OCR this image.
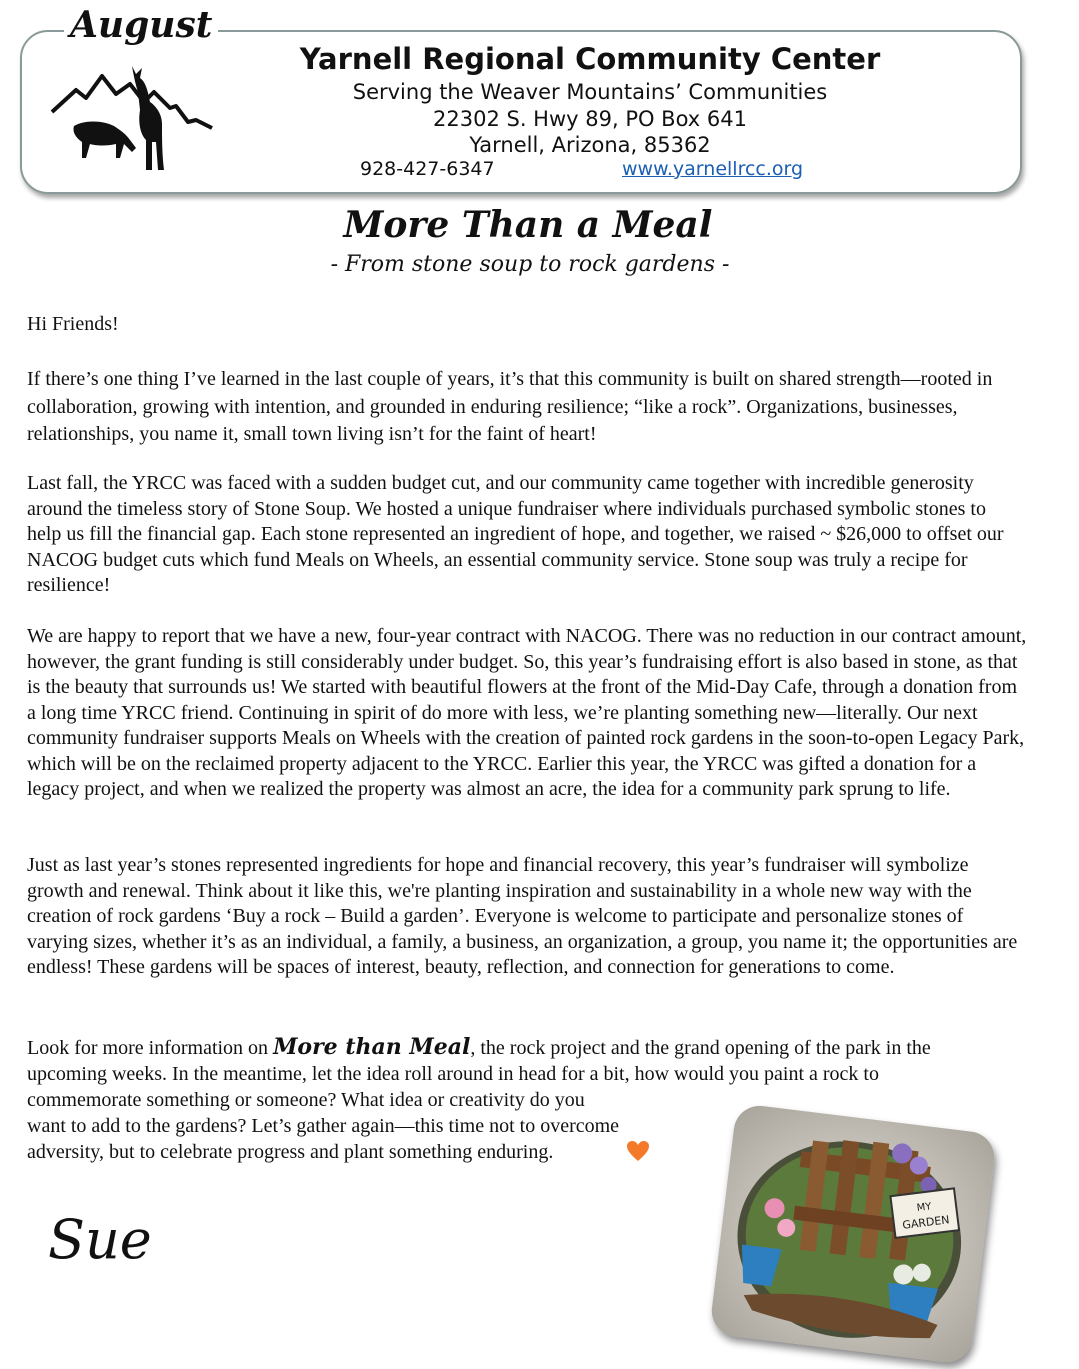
August
Yarnell Regional Community Center
Serving the Weaver Mountains’ Communities
22302 S. Hwy 89, PO Box 641
Yarnell, Arizona, 85362
928-427-6347	www.yarnellrcc.org
More Than a Meal
- From stone soup to rock gardens -

Hi Friends!

If there’s one thing I’ve learned in the last couple of years, it’s that this community is built on shared strength—rooted in collaboration, growing with intention, and grounded in enduring resilience; “like a rock”. Organizations, businesses, relationships, you name it, small town living isn’t for the faint of heart!

Last fall, the YRCC was faced with a sudden budget cut, and our community came together with incredible generosity around the timeless story of Stone Soup. We hosted a unique fundraiser where individuals purchased symbolic stones to help us fill the financial gap. Each stone represented an ingredient of hope, and together, we raised ~ $26,000 to offset our NACOG budget cuts which fund Meals on Wheels, an essential community service. Stone soup was truly a recipe for resilience!

We are happy to report that we have a new, four-year contract with NACOG. There was no reduction in our contract amount, however, the grant funding is still considerably under budget. So, this year’s fundraising effort is also based in stone, as that is the beauty that surrounds us! We started with beautiful flowers at the front of the Mid-Day Cafe, through a donation from a long time YRCC friend. Continuing in spirit of do more with less, we’re planting something new—literally. Our next community fundraiser supports Meals on Wheels with the creation of painted rock gardens in the soon-to-open Legacy Park, which will be on the reclaimed property adjacent to the YRCC. Earlier this year, the YRCC was gifted a donation for a legacy project, and when we realized the property was almost an acre, the idea for a community park sprung to life.

Just as last year’s stones represented ingredients for hope and financial recovery, this year’s fundraiser will symbolize growth and renewal. Think about it like this, we're planting inspiration and sustainability in a whole new way with the creation of rock gardens ‘Buy a rock – Build a garden’. Everyone is welcome to participate and personalize stones of varying sizes, whether it’s as an individual, a family, a business, an organization, a group, you name it; the opportunities are endless! These gardens will be spaces of interest, beauty, reflection, and connection for generations to come.

Look for more information on More than Meal, the rock project and the grand opening of the park in the
upcoming weeks. In the meantime, let the idea roll around in head for a bit, how would you paint a rock to
commemorate something or someone? What idea or creativity do you
want to add to the gardens? Let’s gather again—this time not to overcome
adversity, but to celebrate progress and plant something enduring.

Sue
MY
GARDEN
